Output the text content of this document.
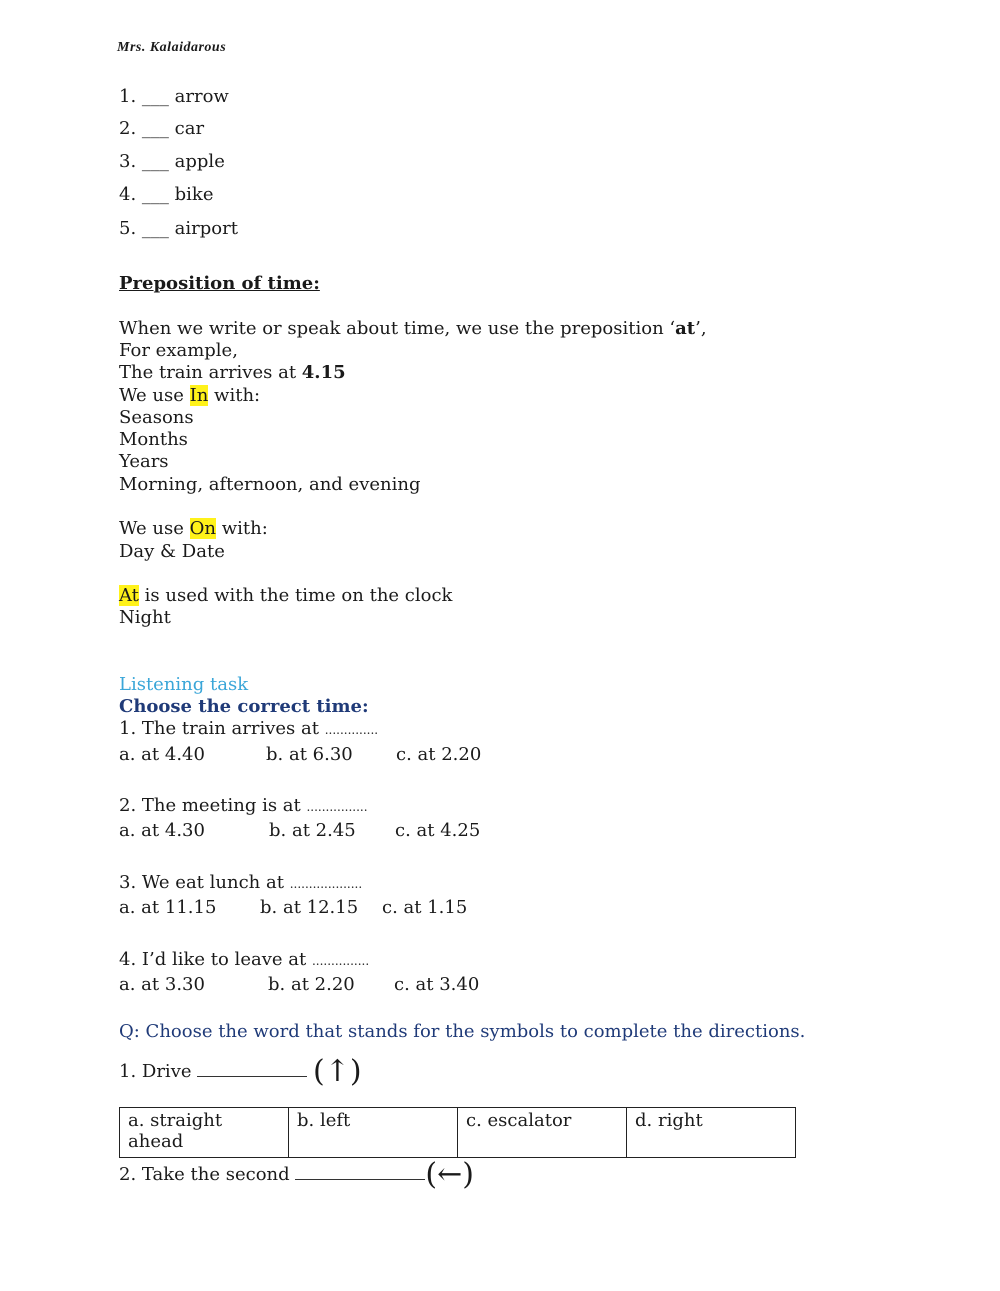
Mrs. Kalaidarous
1. ___ arrow
2. ___ car
3. ___ apple
4. ___ bike
5. ___ airport
Preposition of time:
When we write or speak about time, we use the preposition ‘at’,
For example,
The train arrives at 4.15
We use In with:
Seasons
Months
Years
Morning, afternoon, and evening
We use On with:
Day & Date
At is used with the time on the clock
Night
Listening task
Choose the correct time:
1. The train arrives at ..............
a. at 4.40	b. at 6.30 c. at 2.20
2. The meeting is at ................
a. at 4.30	b. at 2.45 c. at 4.25
3. We eat lunch at ...................
a. at 11.15 b. at 12.15 c. at 1.15
4. I’d like to leave at ...............
a. at 3.30	b. at 2.20 c. at 3.40
Q: Choose the word that stands for the symbols to complete the directions.
1. Drive	(↑)
a. straight ahead	b. left	c. escalator	d. right
2. Take the second	(←)
